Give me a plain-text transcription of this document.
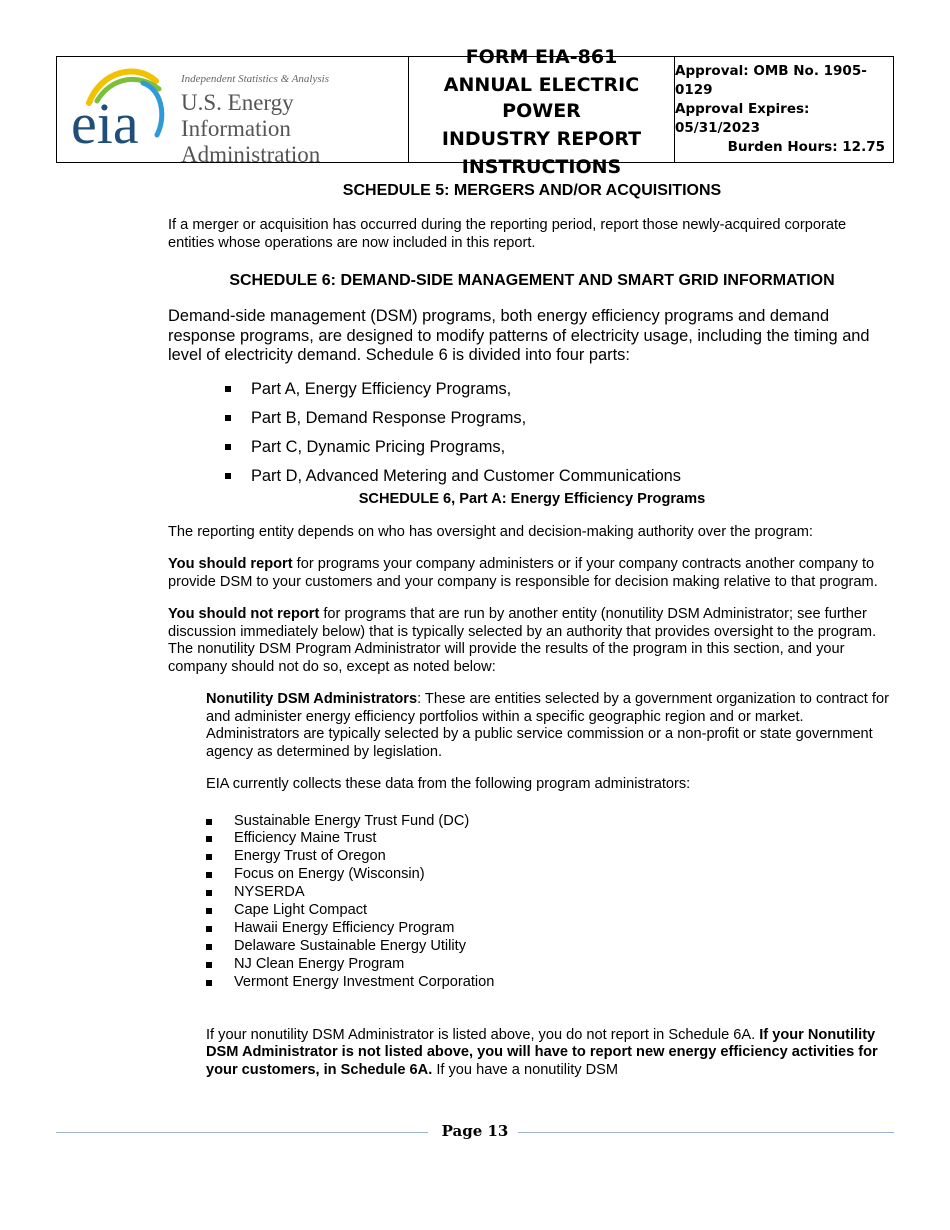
eia
Independent Statistics & Analysis
U.S. Energy Information
Administration
FORM EIA-861
ANNUAL ELECTRIC POWER
INDUSTRY REPORT
INSTRUCTIONS
Approval: OMB No. 1905-0129
Approval Expires: 05/31/2023
Burden Hours: 12.75
SCHEDULE 5: MERGERS AND/OR ACQUISITIONS

If a merger or acquisition has occurred during the reporting period, report those newly-acquired corporate entities whose operations are now included in this report.

SCHEDULE 6: DEMAND-SIDE MANAGEMENT AND SMART GRID INFORMATION

Demand-side management (DSM) programs, both energy efficiency programs and demand response programs, are designed to modify patterns of electricity usage, including the timing and level of electricity demand. Schedule 6 is divided into four parts:

Part A, Energy Efficiency Programs,
Part B, Demand Response Programs,
Part C, Dynamic Pricing Programs,
Part D, Advanced Metering and Customer Communications
SCHEDULE 6, Part A: Energy Efficiency Programs

The reporting entity depends on who has oversight and decision-making authority over the program:

You should report for programs your company administers or if your company contracts another company to provide DSM to your customers and your company is responsible for decision making relative to that program.

You should not report for programs that are run by another entity (nonutility DSM Administrator; see further discussion immediately below) that is typically selected by an authority that provides oversight to the program. The nonutility DSM Program Administrator will provide the results of the program in this section, and your company should not do so, except as noted below:

Nonutility DSM Administrators: These are entities selected by a government organization to contract for and administer energy efficiency portfolios within a specific geographic region and or market. Administrators are typically selected by a public service commission or a non-profit or state government agency as determined by legislation.

EIA currently collects these data from the following program administrators:

Sustainable Energy Trust Fund (DC)
Efficiency Maine Trust
Energy Trust of Oregon
Focus on Energy (Wisconsin)
NYSERDA
Cape Light Compact
Hawaii Energy Efficiency Program
Delaware Sustainable Energy Utility
NJ Clean Energy Program
Vermont Energy Investment Corporation

If your nonutility DSM Administrator is listed above, you do not report in Schedule 6A. If your Nonutility DSM Administrator is not listed above, you will have to report new energy efficiency activities for your customers, in Schedule 6A. If you have a nonutility DSM

Page 13
